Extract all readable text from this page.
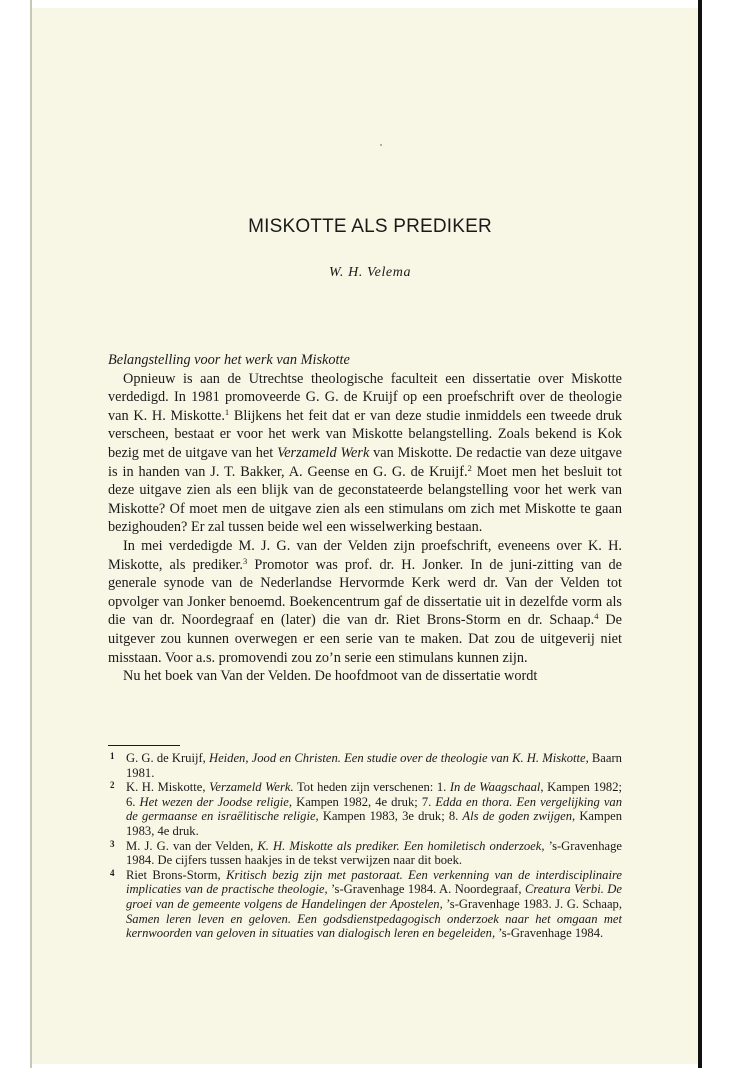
MISKOTTE ALS PREDIKER
W. H. Velema

Belangstelling voor het werk van Miskotte

Opnieuw is aan de Utrechtse theologische faculteit een dissertatie over Miskotte verdedigd. In 1981 promoveerde G. G. de Kruijf op een proefschrift over de theologie van K. H. Miskotte.$^1$ Blijkens het feit dat er van deze studie inmiddels een tweede druk verscheen, bestaat er voor het werk van Miskotte belangstelling. Zoals bekend is Kok bezig met de uitgave van het Verzameld Werk van Miskotte. De redactie van deze uitgave is in handen van J. T. Bakker, A. Geense en G. G. de Kruijf.$^2$ Moet men het besluit tot deze uitgave zien als een blijk van de geconstateerde belangstelling voor het werk van Miskotte? Of moet men de uitgave zien als een stimulans om zich met Miskotte te gaan bezighouden? Er zal tussen beide wel een wisselwerking bestaan.

In mei verdedigde M. J. G. van der Velden zijn proefschrift, eveneens over K. H. Miskotte, als prediker.$^3$ Promotor was prof. dr. H. Jonker. In de juni-zitting van de generale synode van de Nederlandse Hervormde Kerk werd dr. Van der Velden tot opvolger van Jonker benoemd. Boekencentrum gaf de dissertatie uit in dezelfde vorm als die van dr. Noordegraaf en (later) die van dr. Riet Brons-Storm en dr. Schaap.$^4$ De uitgever zou kunnen overwegen er een serie van te maken. Dat zou de uitgeverij niet misstaan. Voor a.s. promovendi zou zo’n serie een stimulans kunnen zijn.

Nu het boek van Van der Velden. De hoofdmoot van de dissertatie wordt

1 G. G. de Kruijf, Heiden, Jood en Christen. Een studie over de theologie van K. H. Miskotte, Baarn 1981.
2 K. H. Miskotte, Verzameld Werk. Tot heden zijn verschenen: 1. In de Waagschaal, Kampen 1982; 6. Het wezen der Joodse religie, Kampen 1982, 4e druk; 7. Edda en thora. Een vergelijking van de germaanse en israëlitische religie, Kampen 1983, 3e druk; 8. Als de goden zwijgen, Kampen 1983, 4e druk.
3 M. J. G. van der Velden, K. H. Miskotte als prediker. Een homiletisch onderzoek, ’s-Gravenhage 1984. De cijfers tussen haakjes in de tekst verwijzen naar dit boek.
4 Riet Brons-Storm, Kritisch bezig zijn met pastoraat. Een verkenning van de interdisciplinaire implicaties van de practische theologie, ’s-Gravenhage 1984. A. Noordegraaf, Creatura Verbi. De groei van de gemeente volgens de Handelingen der Apostelen, ’s-Gravenhage 1983. J. G. Schaap, Samen leren leven en geloven. Een godsdienstpedagogisch onderzoek naar het omgaan met kernwoorden van geloven in situaties van dialogisch leren en begeleiden, ’s-Gravenhage 1984.
